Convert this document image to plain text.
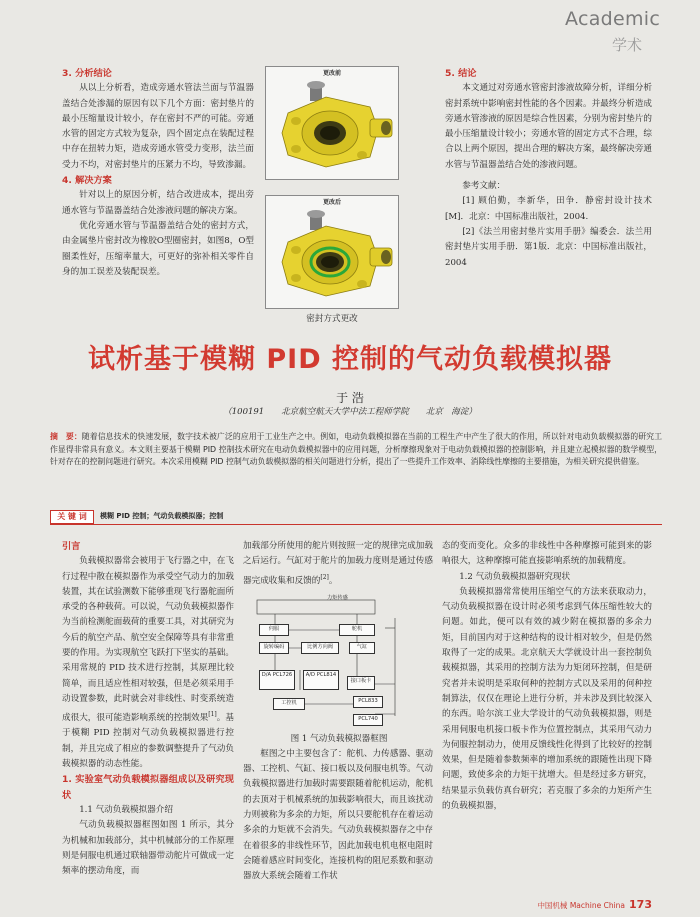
Academic
学术
3. 分析结论

从以上分析看，造成旁通水管法兰面与节温器盖结合处渗漏的原因有以下几个方面：密封垫片的最小压缩量设计较小，存在密封不严的可能。旁通水管的固定方式较为复杂，四个固定点在装配过程中存在扭转力矩，造成旁通水管受力变形，法兰面受力不均，对密封垫片的压紧力不均，导致渗漏。

4. 解决方案

针对以上的原因分析，结合改进成本，提出旁通水管与节温器盖结合处渗液问题的解决方案。

优化旁通水管与节温器盖结合处的密封方式，由金属垫片密封改为橡胶O型圈密封，如图8，O型圈柔性好，压缩率量大，可更好的弥补相关零件自身的加工误差及装配误差。

更改前
更改后
密封方式更改
5. 结论

本文通过对旁通水管密封渗液故障分析，详细分析密封系统中影响密封性能的各个因素。并最终分析造成旁通水管渗液的原因是综合性因素，分别为密封垫片的最小压缩量设计较小；旁通水管的固定方式不合理，综合以上两个原因，提出合理的解决方案，最终解决旁通水管与节温器盖结合处的渗液问题。

参考文献：

[1] 顾伯勤，李新华，田争．静密封设计技术 [M]．北京：中国标准出版社，2004.

[2]《法兰用密封垫片实用手册》编委会．法兰用密封垫片实用手册．第1版．北京：中国标准出版社，2004

试析基于模糊 PID 控制的气动负载模拟器
于 浩
（100191　　北京航空航天大学中法工程师学院　　北京　海淀）
摘　要：随着信息技术的快速发展，数字技术被广泛的应用于工业生产之中。例如，电动负载模拟器在当前的工程生产中产生了很大的作用，所以针对电动负载模拟器的研究工作显得非常具有意义。本文则主要基于模糊 PID 控制技术研究在电动负载模拟器中的应用问题，分析摩擦现象对于电动负载模拟器的控制影响，并且建立起模拟器的数学模型，针对存在的控制问题进行研究。本次采用模糊 PID 控制气动负载模拟器的相关问题进行分析，提出了一些提升工作效率、消除线性摩擦的主要措施，为相关研究提供借鉴。
关 键 词	模糊 PID 控制；气动负载模拟器；控制
引言

负载模拟器常会被用于飞行器之中，在飞行过程中散在模拟器作为承受空气动力的加载装置，其在试验测数下能够重现飞行器舵面所承受的各种载荷。可以说，气动负载模拟器作为当前检测舵面载荷的重要工具，对其研究为今后的航空产品、航空安全保障等具有非常重要的作用。为实现航空飞跃打下坚实的基础。采用常规的 PID 技术进行控制，其原理比较简单，而且适应性相对较强，但是必须采用手动设置参数，此时就会对非线性、时变系统造成很大，很可能造影响系统的控制效果[1]。基于模糊 PID 控制对气动负载模拟器进行控制，并且完成了相应的参数调整提升了气动负载模拟器的动态性能。

1. 实验室气动负载模拟器组成以及研究现状

1.1 气动负载模拟器介绍

气动负载模拟器框图如图 1 所示，其分为机械和加载部分，其中机械部分的工作原理则是伺服电机通过联轴器带动舵片可做成一定频率的摆动角度，而

加载部分所使用的舵片则按照一定的规律完成加载之后运行。气缸对于舵片的加载力度则是通过传感器完成收集和反馈的[2]。

框图之中主要包含了：舵机、力传感器、驱动器、工控机、气缸、接口板以及伺服电机等。气动负载模拟器进行加载时需要跟随着舵机运动，舵机的去顶对于机械系统的加载影响很大，而且该扰动力则被称为多余的力矩，所以只要舵机存在着运动多余的力矩就不会消失。气动负载模拟器存之中存在着很多的非线性环节，因此加载电机电枢电阻时会随着感应时间变化，连接机构的阻尼系数和驱动器放大系统会随着工作状

力矩传感
伺服	舵机
旋转编码	比例方向阀	气缸
D/A PCL726	A/D PCL814
接口板卡
PCL833
工控机
PCL740
图 1 气动负载模拟器框图

态的变而变化。众多的非线性中各种摩擦可能到来的影响很大，这种摩擦可能直接影响系统的加载精度。

1.2 气动负载模拟器研究现状

负载模拟器常常使用压缩空气的方法来获取动力，气动负载模拟器在设计时必须考虑到气体压缩性较大的问题。如此，便可以有效的减少附在模拟器的多余力矩，目前国内对于这种结构的设计相对较少，但是仍然取得了一定的成果。北京航天大学就设计出一套控制负载模拟器，其采用的控制方法为力矩闭环控制，但是研究者并未说明是采取何种的控制方式以及采用的何种控制算法，仅仅在理论上进行分析，并未涉及到比较深入的东西。哈尔滨工业大学设计的气动负载模拟器，则是采用伺服电机接口板卡作为位置控制点，其采用气动力为伺服控制动力，使用反馈线性化得到了比较好的控制效果，但是随着参数频率的增加系统的跟随性出现下降问题，致使多余的力矩干扰增大。但是经过多方研究，结果显示负载仿真台研究；若克服了多余的力矩所产生的负载模拟器，

中国机械 Machine China 173
